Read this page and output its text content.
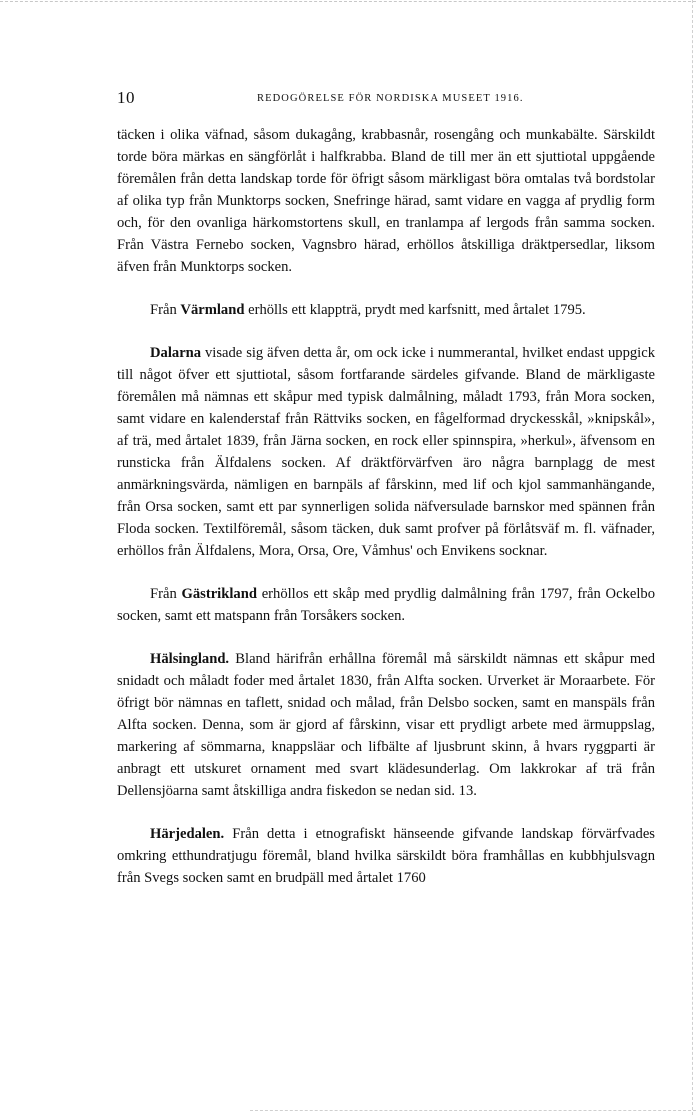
10	REDOGÖRELSE FÖR NORDISKA MUSEET 1916.

täcken i olika väfnad, såsom dukagång, krabbasnår, rosengång och munkabälte. Särskildt torde böra märkas en sängförlåt i halfkrabba. Bland de till mer än ett sjuttiotal uppgående föremålen från detta landskap torde för öfrigt såsom märkligast böra omtalas två bordstolar af olika typ från Munktorps socken, Snefringe härad, samt vidare en vagga af prydlig form och, för den ovanliga härkomstortens skull, en tranlampa af lergods från samma socken. Från Västra Fernebo socken, Vagnsbro härad, erhöllos åtskilliga dräktpersedlar, liksom äfven från Munktorps socken.

Från Värmland erhölls ett klappträ, prydt med karfsnitt, med årtalet 1795.

Dalarna visade sig äfven detta år, om ock icke i nummerantal, hvilket endast uppgick till något öfver ett sjuttiotal, såsom fortfarande särdeles gifvande. Bland de märkligaste föremålen må nämnas ett skåpur med typisk dalmålning, måladt 1793, från Mora socken, samt vidare en kalenderstaf från Rättviks socken, en fågelformad dryckesskål, »knipskål», af trä, med årtalet 1839, från Järna socken, en rock eller spinnspira, »herkul», äfvensom en runsticka från Älfdalens socken. Af dräktförvärfven äro några barnplagg de mest anmärkningsvärda, nämligen en barnpäls af fårskinn, med lif och kjol sammanhängande, från Orsa socken, samt ett par synnerligen solida näfversulade barnskor med spännen från Floda socken. Textilföremål, såsom täcken, duk samt profver på förlåtsväf m. fl. väfnader, erhöllos från Älfdalens, Mora, Orsa, Ore, Våmhus' och Envikens socknar.

Från Gästrikland erhöllos ett skåp med prydlig dalmålning från 1797, från Ockelbo socken, samt ett matspann från Torsåkers socken.

Hälsingland. Bland härifrån erhållna föremål må särskildt nämnas ett skåpur med snidadt och måladt foder med årtalet 1830, från Alfta socken. Urverket är Moraarbete. För öfrigt bör nämnas en taflett, snidad och målad, från Delsbo socken, samt en manspäls från Alfta socken. Denna, som är gjord af fårskinn, visar ett prydligt arbete med ärmuppslag, markering af sömmarna, knappsläar och lifbälte af ljusbrunt skinn, å hvars ryggparti är anbragt ett utskuret ornament med svart klädesunderlag. Om lakkrokar af trä från Dellensjöarna samt åtskilliga andra fiskedon se nedan sid. 13.

Härjedalen. Från detta i etnografiskt hänseende gifvande landskap förvärfvades omkring etthundratjugu föremål, bland hvilka särskildt böra framhållas en kubbhjulsvagn från Svegs socken samt en brudpäll med årtalet 1760
